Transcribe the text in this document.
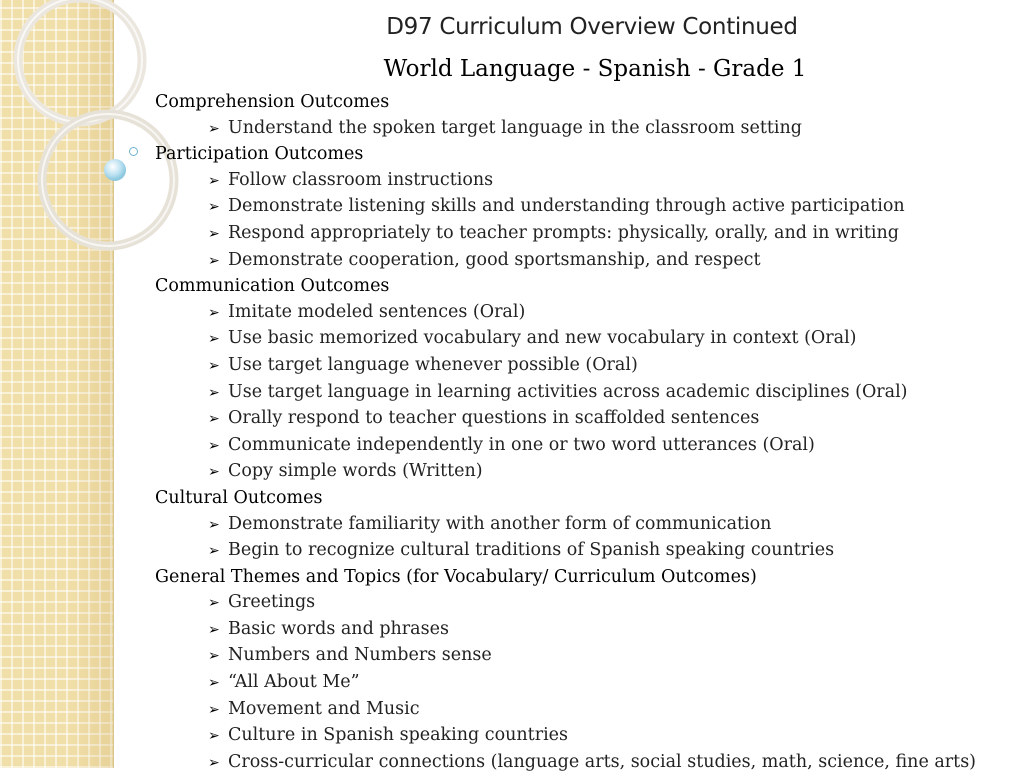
D97 Curriculum Overview Continued
World Language - Spanish - Grade 1
Comprehension Outcomes
➢ Understand the spoken target language in the classroom setting
Participation Outcomes
➢ Follow classroom instructions
➢ Demonstrate listening skills and understanding through active participation
➢ Respond appropriately to teacher prompts: physically, orally, and in writing
➢ Demonstrate cooperation, good sportsmanship, and respect
Communication Outcomes
➢ Imitate modeled sentences (Oral)
➢ Use basic memorized vocabulary and new vocabulary in context (Oral)
➢ Use target language whenever possible (Oral)
➢ Use target language in learning activities across academic disciplines (Oral)
➢ Orally respond to teacher questions in scaffolded sentences
➢ Communicate independently in one or two word utterances (Oral)
➢ Copy simple words (Written)
Cultural Outcomes
➢ Demonstrate familiarity with another form of communication
➢ Begin to recognize cultural traditions of Spanish speaking countries
General Themes and Topics (for Vocabulary/ Curriculum Outcomes)
➢ Greetings
➢ Basic words and phrases
➢ Numbers and Numbers sense
➢ “All About Me”
➢ Movement and Music
➢ Culture in Spanish speaking countries
➢ Cross-curricular connections (language arts, social studies, math, science, fine arts)
